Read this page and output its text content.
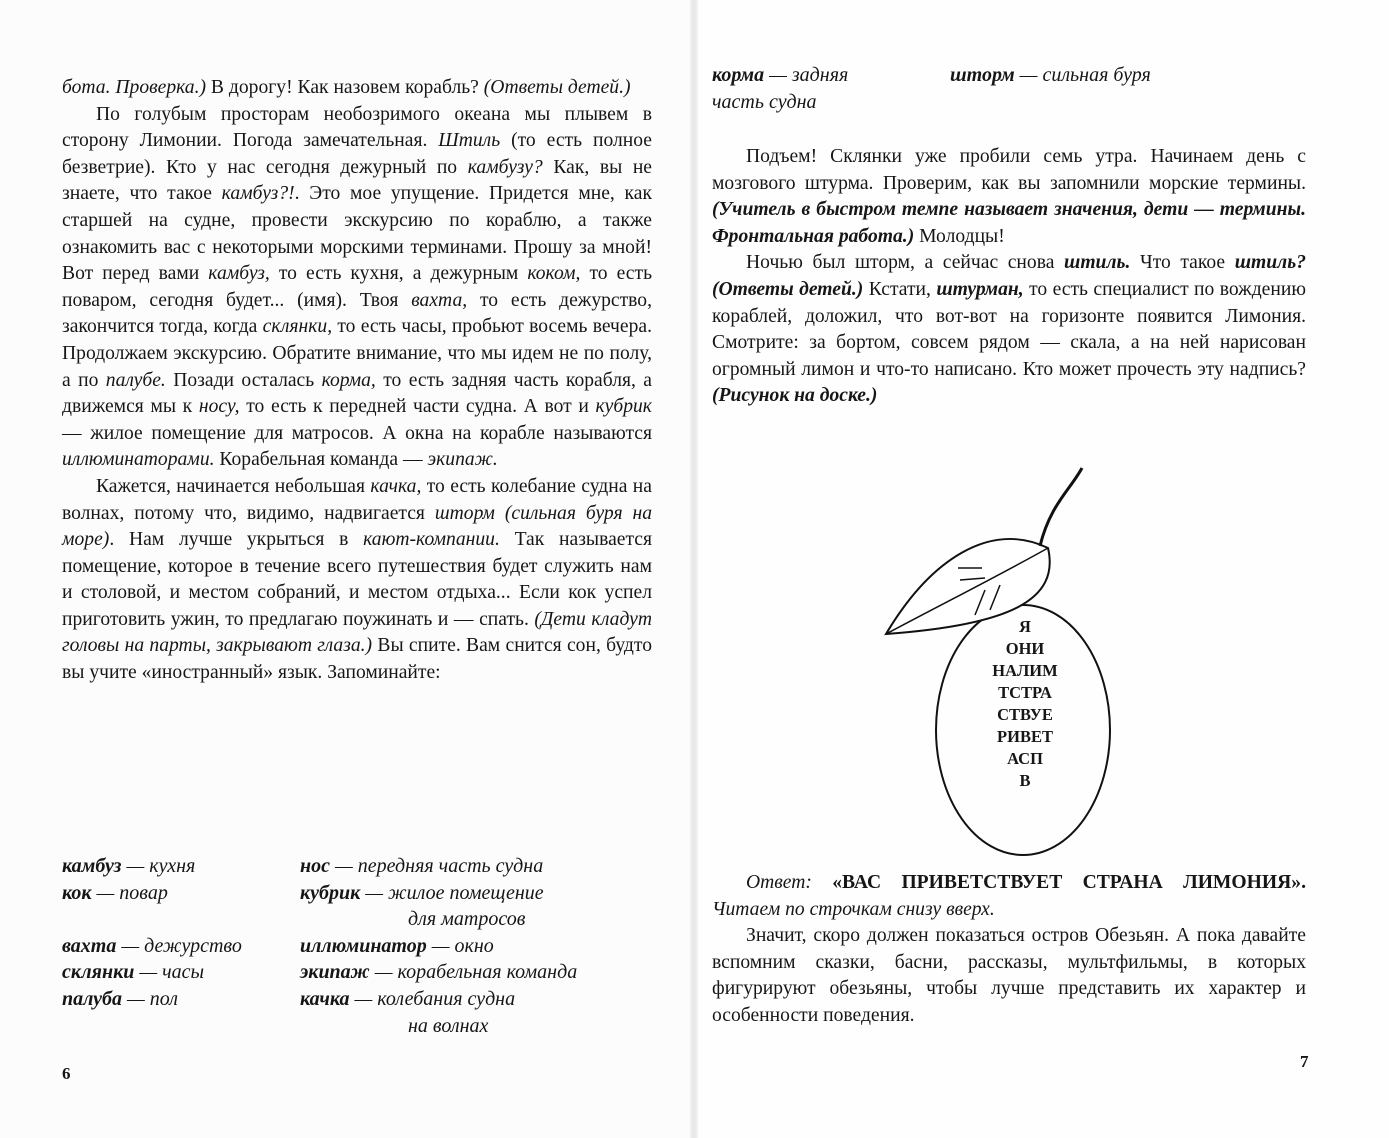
бота. Проверка.) В дорогу! Как назовем корабль? (Ответы детей.)

По голубым просторам необозримого океана мы плывем в сторону Лимонии. Погода замечательная. Штиль (то есть полное безветрие). Кто у нас сегодня дежурный по камбузу? Как, вы не знаете, что такое камбуз?!. Это мое упущение. Придется мне, как старшей на судне, провести экскурсию по кораблю, а также ознакомить вас с некоторыми морскими терминами. Прошу за мной! Вот перед вами камбуз, то есть кухня, а дежурным коком, то есть поваром, сегодня будет... (имя). Твоя вахта, то есть дежурство, закончится тогда, когда склянки, то есть часы, пробьют восемь вечера. Продолжаем экскурсию. Обратите внимание, что мы идем не по полу, а по палубе. Позади осталась корма, то есть задняя часть корабля, а движемся мы к носу, то есть к передней части судна. А вот и кубрик — жилое помещение для матросов. А окна на корабле называются иллюминаторами. Корабельная команда — экипаж.

Кажется, начинается небольшая качка, то есть колебание судна на волнах, потому что, видимо, надвигается шторм (сильная буря на море). Нам лучше укрыться в кают-компании. Так называется помещение, которое в течение всего путешествия будет служить нам и столовой, и местом собраний, и местом отдыха... Если кок успел приготовить ужин, то предлагаю поужинать и — спать. (Дети кладут головы на парты, закрывают глаза.) Вы спите. Вам снится сон, будто вы учите «иностранный» язык. Запоминайте:

камбуз — кухня
кок — повар

вахта — дежурство
склянки — часы
палуба — пол
нос — передняя часть судна
кубрик — жилое помещение
для матросов
иллюминатор — окно
экипаж — корабельная команда
качка — колебания судна
на волнах
6
корма — задняя
часть судна
шторм — сильная буря

Подъем! Склянки уже пробили семь утра. Начинаем день с мозгового штурма. Проверим, как вы запомнили морские термины. (Учитель в быстром темпе называет значения, дети — термины. Фронтальная работа.) Молодцы!

Ночью был шторм, а сейчас снова штиль. Что такое штиль? (Ответы детей.) Кстати, штурман, то есть специалист по вождению кораблей, доложил, что вот-вот на горизонте появится Лимония. Смотрите: за бортом, совсем рядом — скала, а на ней нарисован огромный лимон и что-то написано. Кто может прочесть эту надпись? (Рисунок на доске.)

Я
ОНИ
НАЛИМ
ТСТРА
СТВУЕ
РИВЕТ
АСП
В

Ответ: «ВАС ПРИВЕТСТВУЕТ СТРАНА ЛИМОНИЯ». Читаем по строчкам снизу вверх.

Значит, скоро должен показаться остров Обезьян. А пока давайте вспомним сказки, басни, рассказы, мультфильмы, в которых фигурируют обезьяны, чтобы лучше представить их характер и особенности поведения.

7
